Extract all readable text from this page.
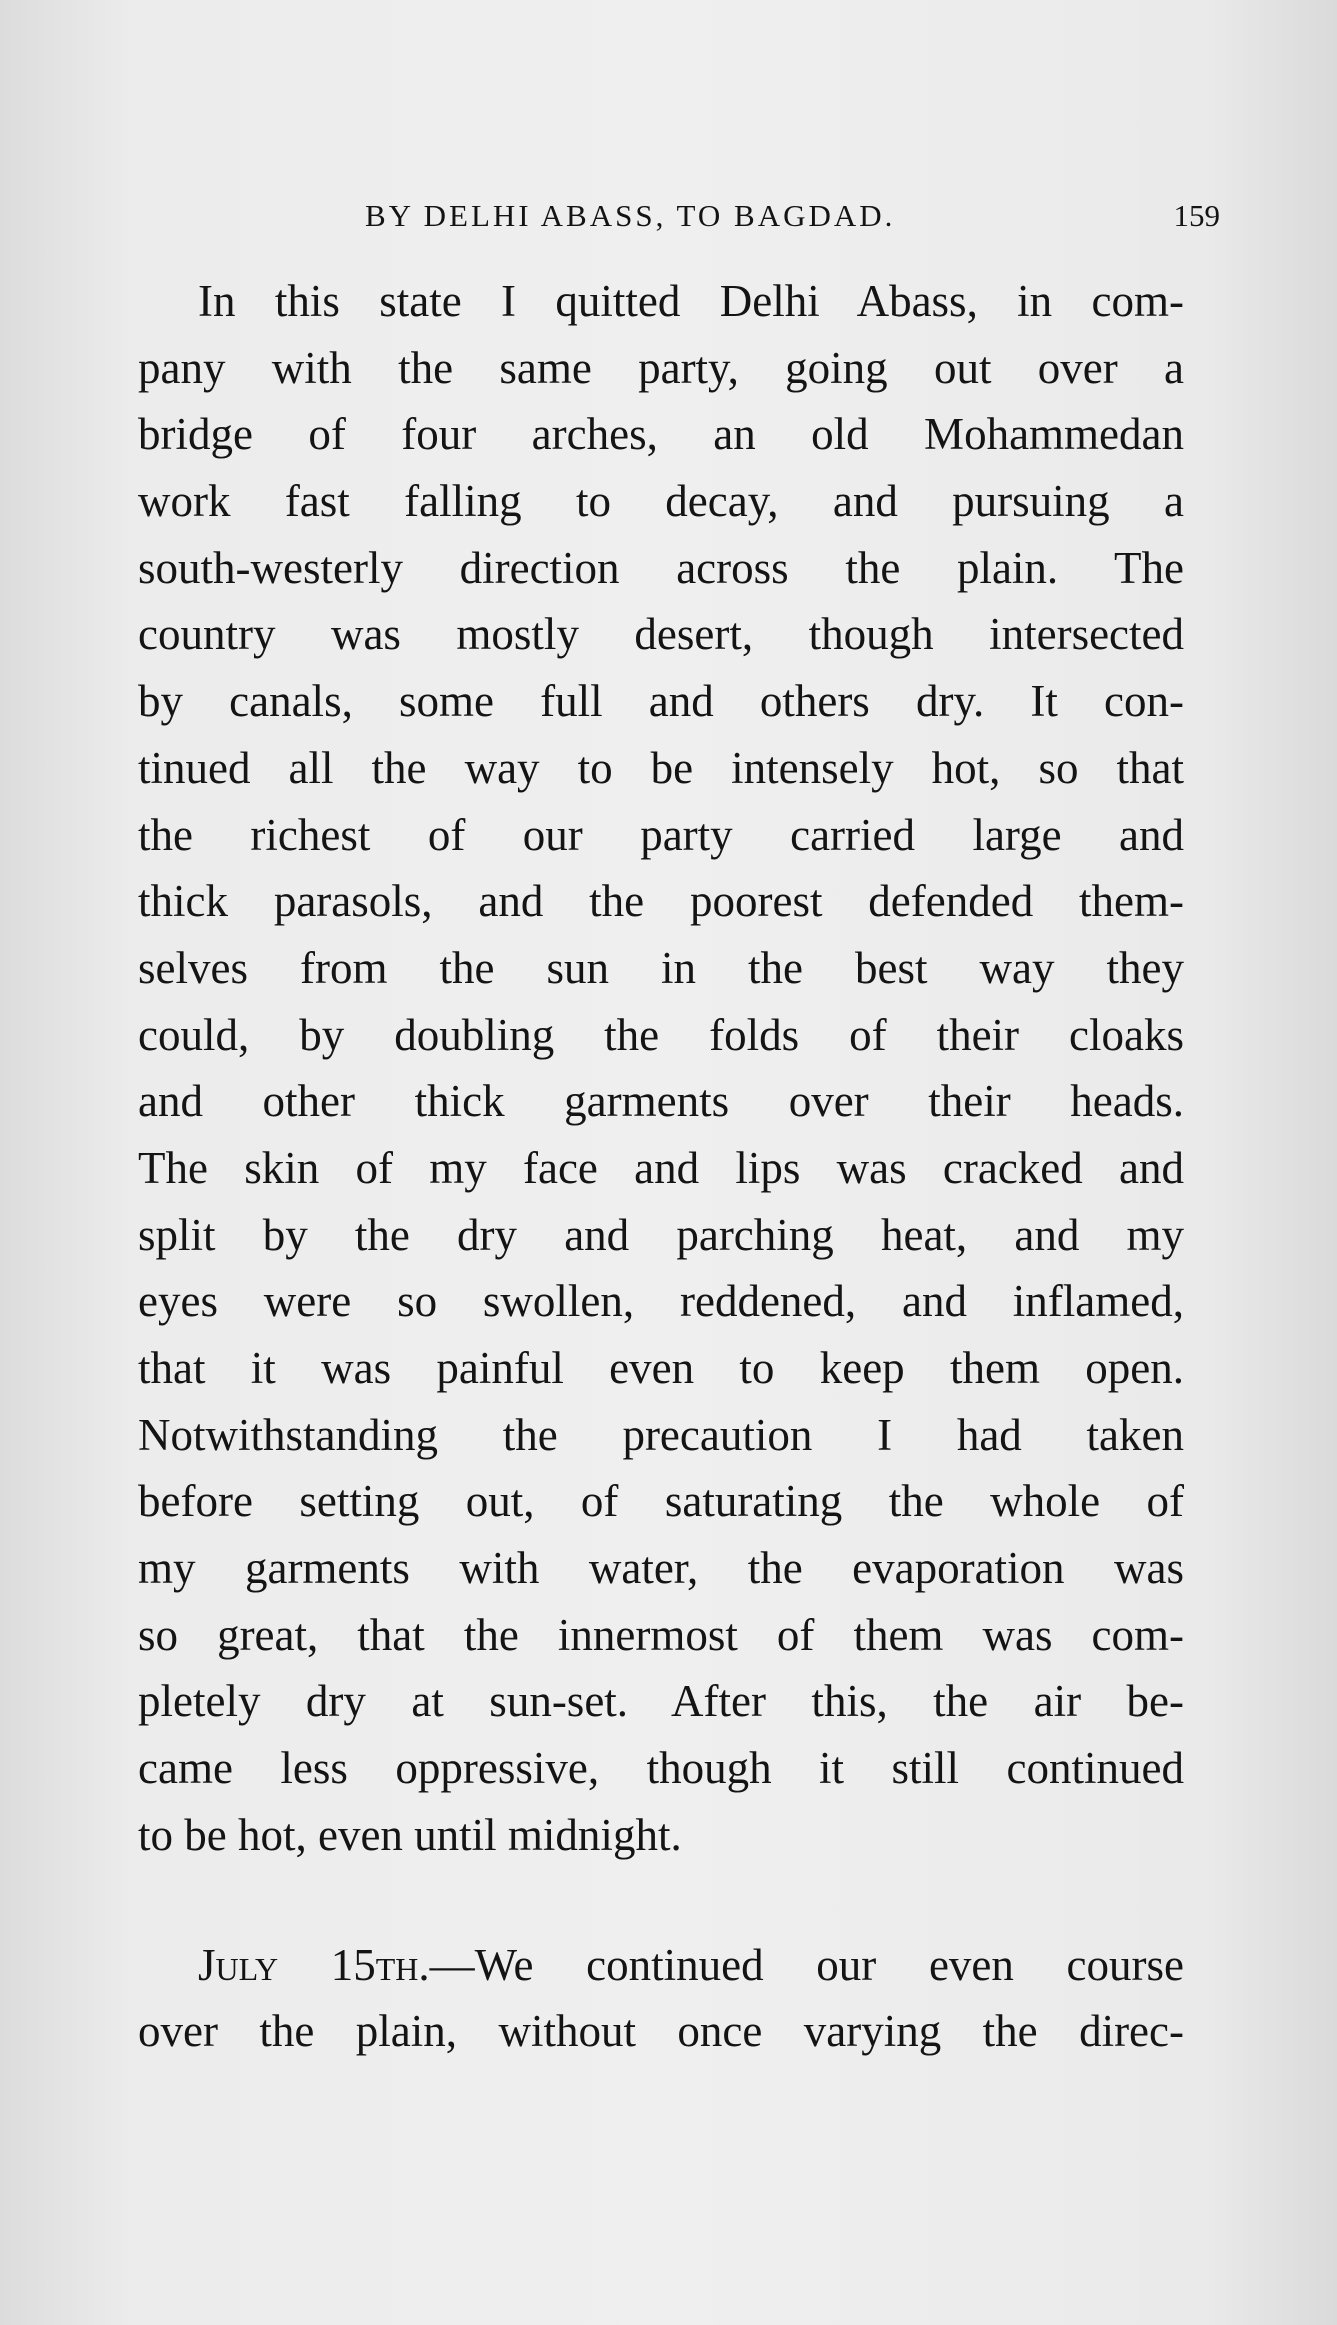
BY DELHI ABASS, TO BAGDAD.	159
In this state I quitted Delhi Abass, in com-
pany with the same party, going out over a
bridge of four arches, an old Mohammedan
work fast falling to decay, and pursuing a
south-westerly direction across the plain. The
country was mostly desert, though intersected
by canals, some full and others dry. It con-
tinued all the way to be intensely hot, so that
the richest of our party carried large and
thick parasols, and the poorest defended them-
selves from the sun in the best way they
could, by doubling the folds of their cloaks
and other thick garments over their heads.
The skin of my face and lips was cracked and
split by the dry and parching heat, and my
eyes were so swollen, reddened, and inflamed,
that it was painful even to keep them open.
Notwithstanding the precaution I had taken
before setting out, of saturating the whole of
my garments with water, the evaporation was
so great, that the innermost of them was com-
pletely dry at sun-set. After this, the air be-
came less oppressive, though it still continued
to be hot, even until midnight.
July 15th.—We continued our even course
over the plain, without once varying the direc-
